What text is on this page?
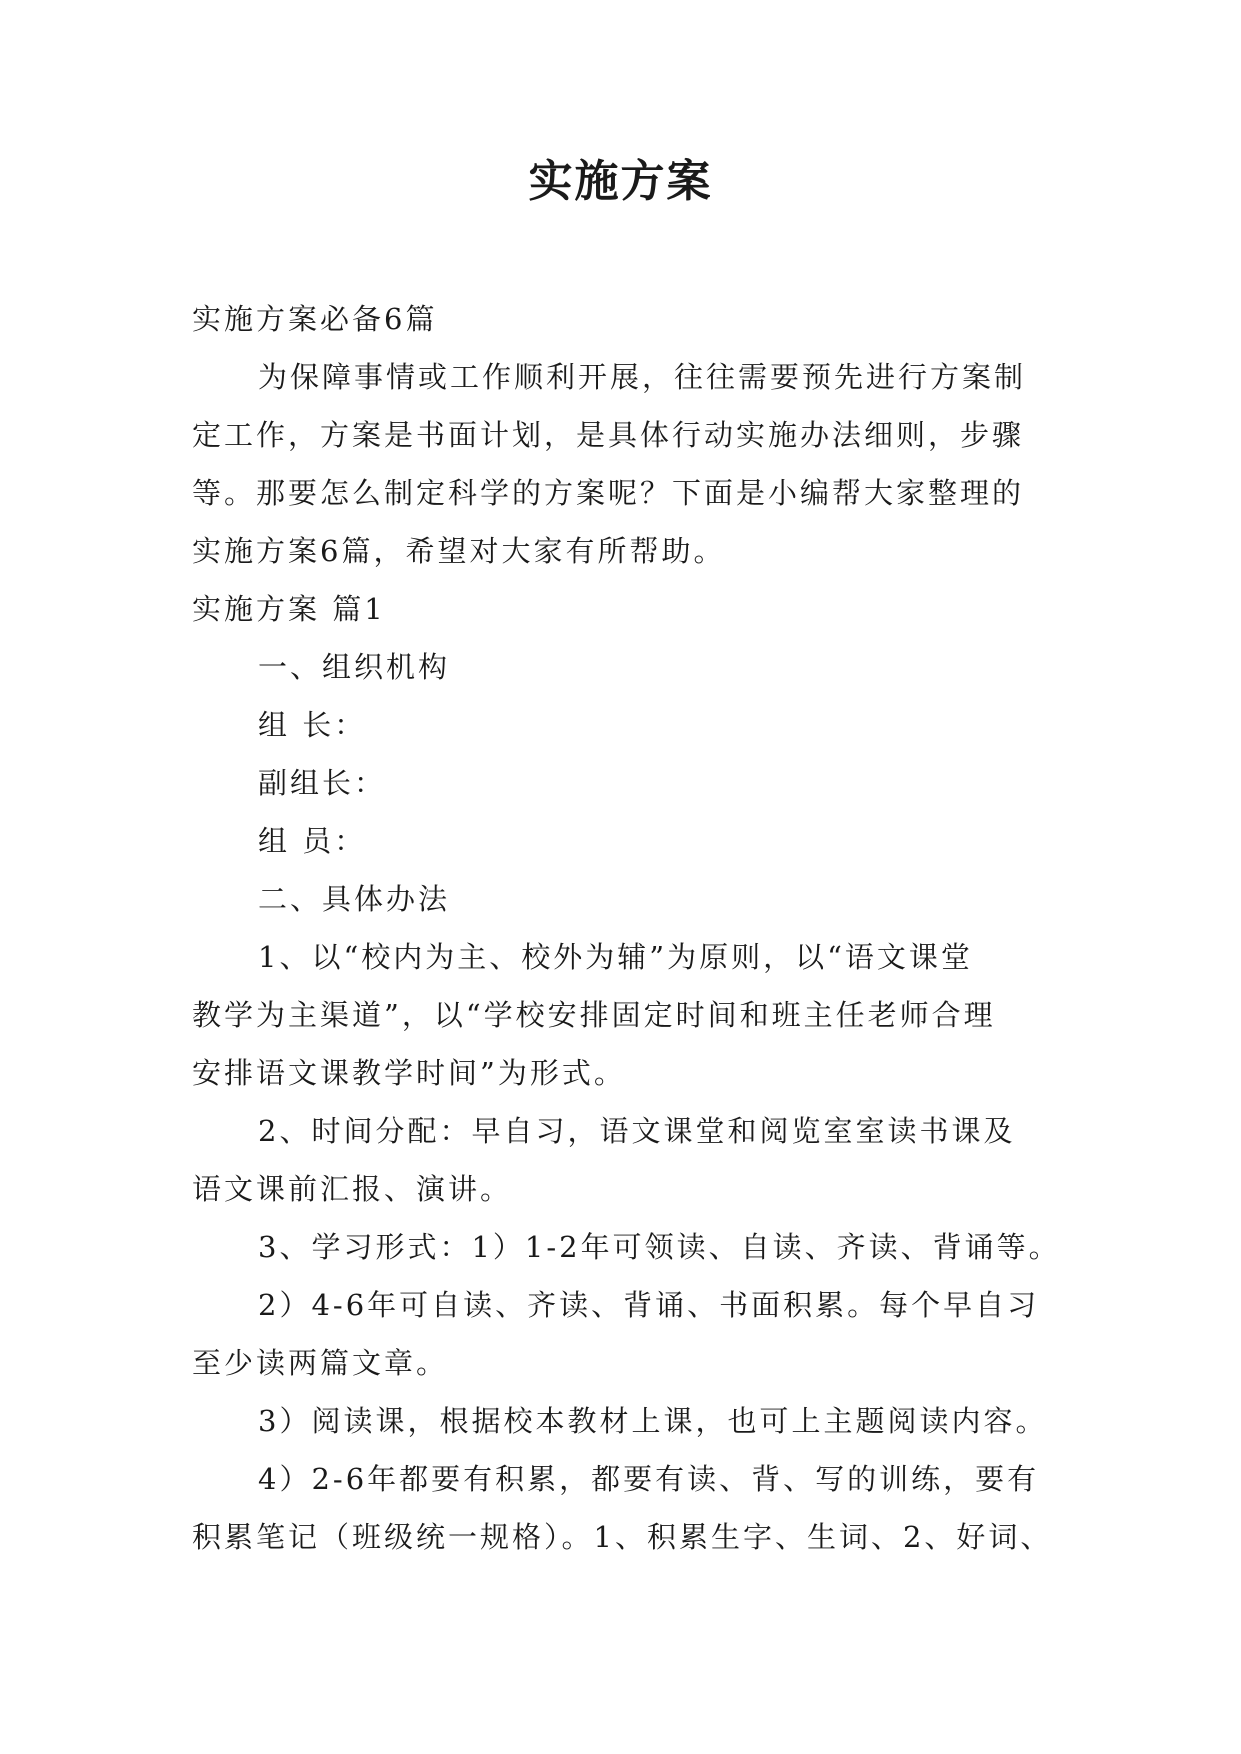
实施方案

实施方案必备6篇

为保障事情或工作顺利开展，往往需要预先进行方案制

定工作，方案是书面计划，是具体行动实施办法细则，步骤

等。那要怎么制定科学的方案呢？下面是小编帮大家整理的

实施方案6篇，希望对大家有所帮助。

实施方案 篇1

一、组织机构

组 长：

副组长：

组 员：

二、具体办法

1、以“校内为主、校外为辅”为原则，以“语文课堂

教学为主渠道”，以“学校安排固定时间和班主任老师合理

安排语文课教学时间”为形式。

2、时间分配：早自习，语文课堂和阅览室室读书课及

语文课前汇报、演讲。

3、学习形式：1）1-2年可领读、自读、齐读、背诵等。

2）4-6年可自读、齐读、背诵、书面积累。每个早自习

至少读两篇文章。

3）阅读课，根据校本教材上课，也可上主题阅读内容。

4）2-6年都要有积累，都要有读、背、写的训练，要有

积累笔记（班级统一规格）。1、积累生字、生词、2、好词、
